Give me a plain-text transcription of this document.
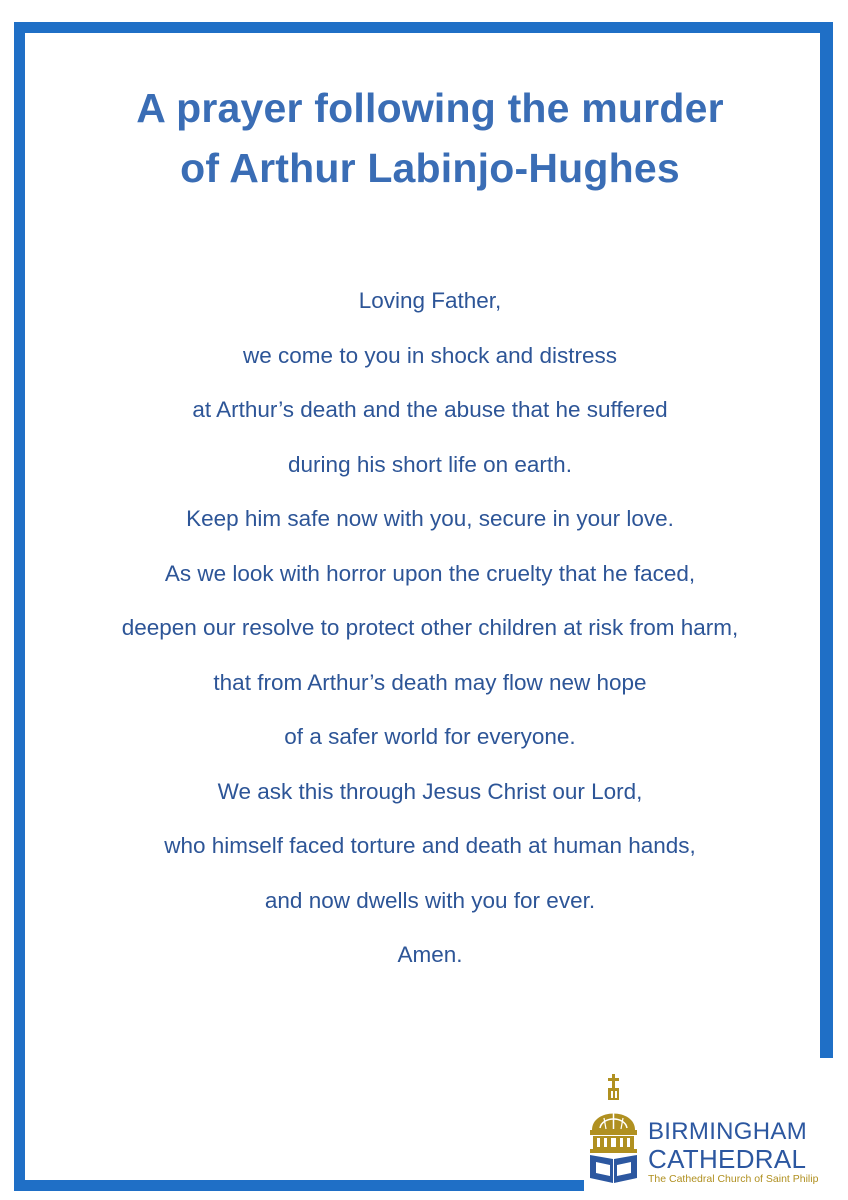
A prayer following the murder
of Arthur Labinjo-Hughes
Loving Father,
we come to you in shock and distress
at Arthur’s death and the abuse that he suffered
during his short life on earth.
Keep him safe now with you, secure in your love.
As we look with horror upon the cruelty that he faced,
deepen our resolve to protect other children at risk from harm,
that from Arthur’s death may flow new hope
of a safer world for everyone.
We ask this through Jesus Christ our Lord,
who himself faced torture and death at human hands,
and now dwells with you for ever.
Amen.
BIRMINGHAM
CATHEDRAL
The Cathedral Church of Saint Philip
